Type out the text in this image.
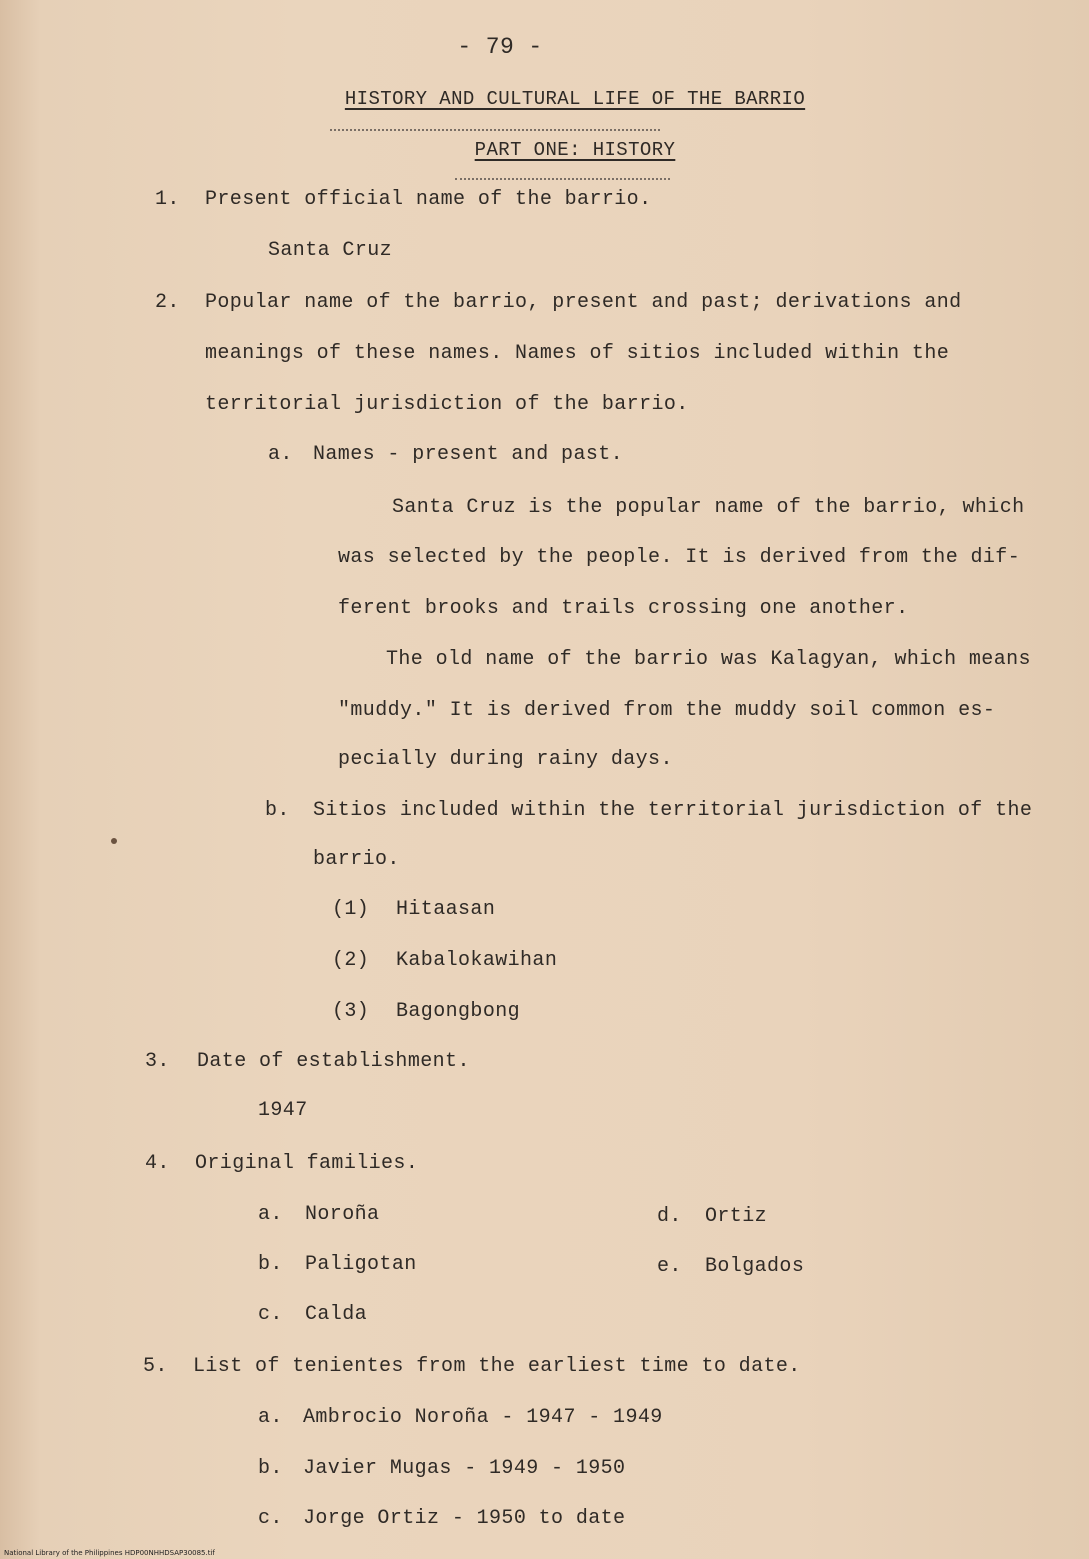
- 79 -
HISTORY AND CULTURAL LIFE OF THE BARRIO
PART ONE: HISTORY
1. Present official name of the barrio.
Santa Cruz
2. Popular name of the barrio, present and past; derivations and
meanings of these names. Names of sitios included within the
territorial jurisdiction of the barrio.
a. Names - present and past.
Santa Cruz is the popular name of the barrio, which
was selected by the people. It is derived from the dif-
ferent brooks and trails crossing one another.
The old name of the barrio was Kalagyan, which means
"muddy." It is derived from the muddy soil common es-
pecially during rainy days.
b. Sitios included within the territorial jurisdiction of the
barrio.
(1) Hitaasan
(2) Kabalokawihan
(3) Bagongbong
3. Date of establishment.
1947
4. Original families.
a. Noroña
b. Paligotan
c. Calda
d. Ortiz
e. Bolgados
5. List of tenientes from the earliest time to date.
a. Ambrocio Noroña - 1947 - 1949
b. Javier Mugas - 1949 - 1950
c. Jorge Ortiz - 1950 to date
National Library of the Philippines HDP00NHHDSAP30085.tif
